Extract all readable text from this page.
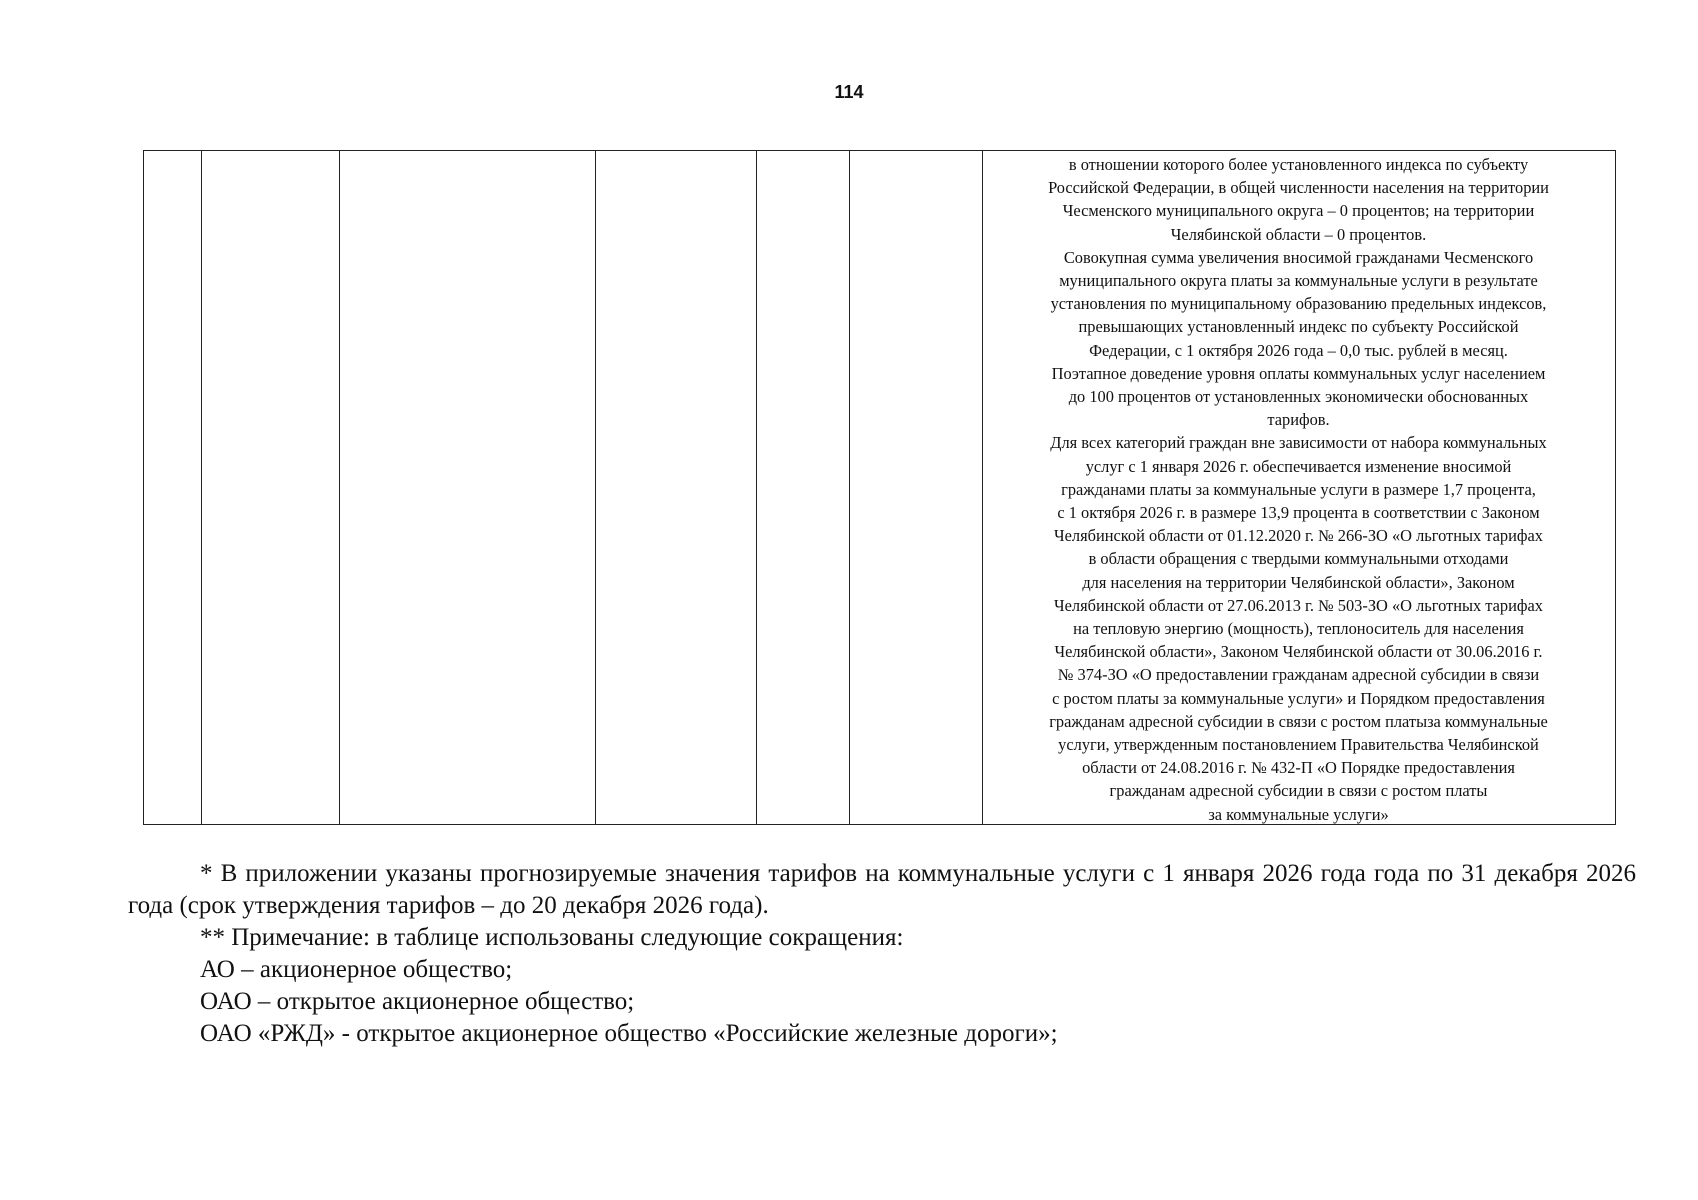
114
в отношении которого более установленного индекса по субъекту
Российской Федерации, в общей численности населения на территории
Чесменского муниципального округа – 0 процентов; на территории
Челябинской области – 0 процентов.
Совокупная сумма увеличения вносимой гражданами Чесменского
муниципального округа платы за коммунальные услуги в результате
установления по муниципальному образованию предельных индексов,
превышающих установленный индекс по субъекту Российской
Федерации, с 1 октября 2026 года – 0,0 тыс. рублей в месяц.
Поэтапное доведение уровня оплаты коммунальных услуг населением
до 100 процентов от установленных экономически обоснованных
тарифов.
Для всех категорий граждан вне зависимости от набора коммунальных
услуг с 1 января 2026 г. обеспечивается изменение вносимой
гражданами платы за коммунальные услуги в размере 1,7 процента,
с 1 октября 2026 г. в размере 13,9 процента в соответствии с Законом
Челябинской области от 01.12.2020 г. № 266-ЗО «О льготных тарифах
в области обращения с твердыми коммунальными отходами
для населения на территории Челябинской области», Законом
Челябинской области от 27.06.2013 г. № 503-ЗО «О льготных тарифах
на тепловую энергию (мощность), теплоноситель для населения
Челябинской области», Законом Челябинской области от 30.06.2016 г.
№ 374-ЗО «О предоставлении гражданам адресной субсидии в связи
с ростом платы за коммунальные услуги» и Порядком предоставления
гражданам адресной субсидии в связи с ростом платыза коммунальные
услуги, утвержденным постановлением Правительства Челябинской
области от 24.08.2016 г. № 432-П «О Порядке предоставления
гражданам адресной субсидии в связи с ростом платы
за коммунальные услуги»

* В приложении указаны прогнозируемые значения тарифов на коммунальные услуги с 1 января 2026 года года по 31 декабря 2026 года (срок утверждения тарифов – до 20 декабря 2026 года).

** Примечание: в таблице использованы следующие сокращения:

АО – акционерное общество;

ОАО – открытое акционерное общество;

ОАО «РЖД» - открытое акционерное общество «Российские железные дороги»;
